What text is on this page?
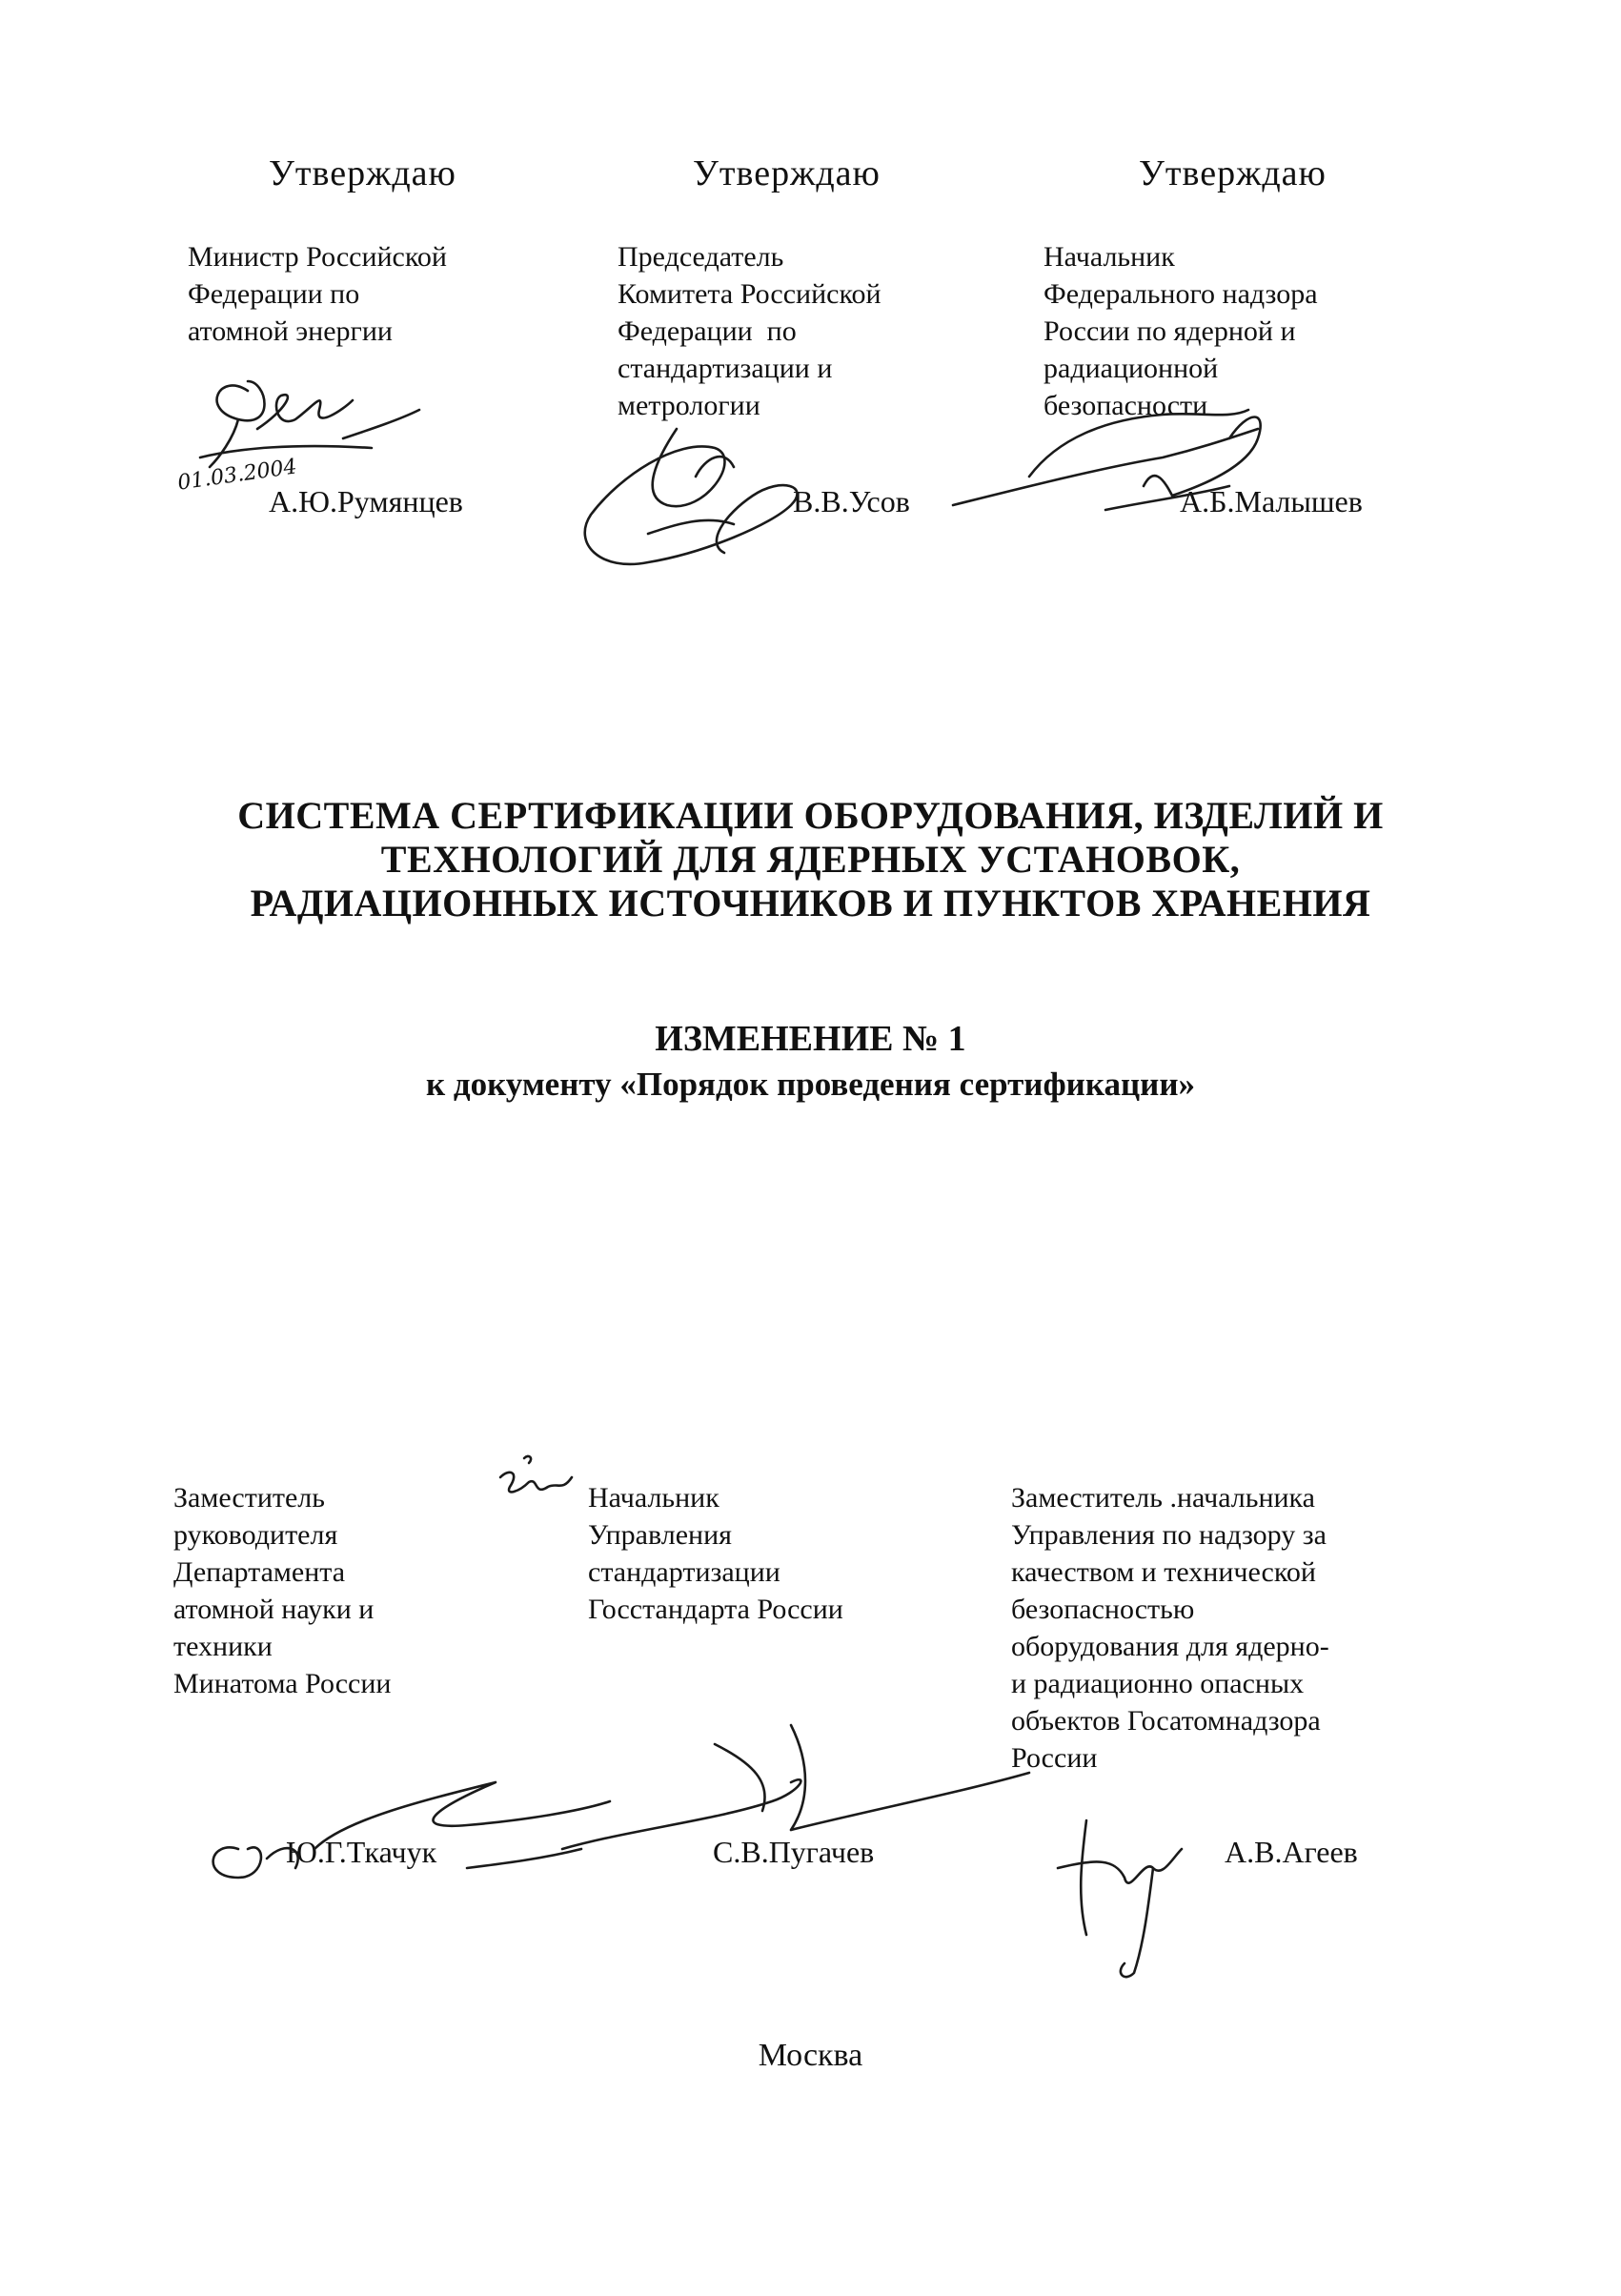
Утверждаю	Утверждаю	Утверждаю
Министр Российской
Федерации по
атомной энергии
Председатель
Комитета Российской
Федерации  по
стандартизации и
метрологии
Начальник
Федерального надзора
России по ядерной и
радиационной
безопасности
А.Ю.Румянцев	В.В.Усов	А.Б.Малышев
01.03.2004
СИСТЕМА СЕРТИФИКАЦИИ ОБОРУДОВАНИЯ, ИЗДЕЛИЙ И
ТЕХНОЛОГИЙ ДЛЯ ЯДЕРНЫХ УСТАНОВОК,
РАДИАЦИОННЫХ ИСТОЧНИКОВ И ПУНКТОВ ХРАНЕНИЯ
ИЗМЕНЕНИЕ № 1
к документу «Порядок проведения сертификации»
Заместитель
руководителя
Департамента
атомной науки и
техники
Минатома России
Начальник
Управления
стандартизации
Госстандарта России
Заместитель .начальника
Управления по надзору за
качеством и технической
безопасностью
оборудования для ядерно-
и радиационно опасных
объектов Госатомнадзора
России
Ю.Г.Ткачук	С.В.Пугачев	А.В.Агеев
Москва
